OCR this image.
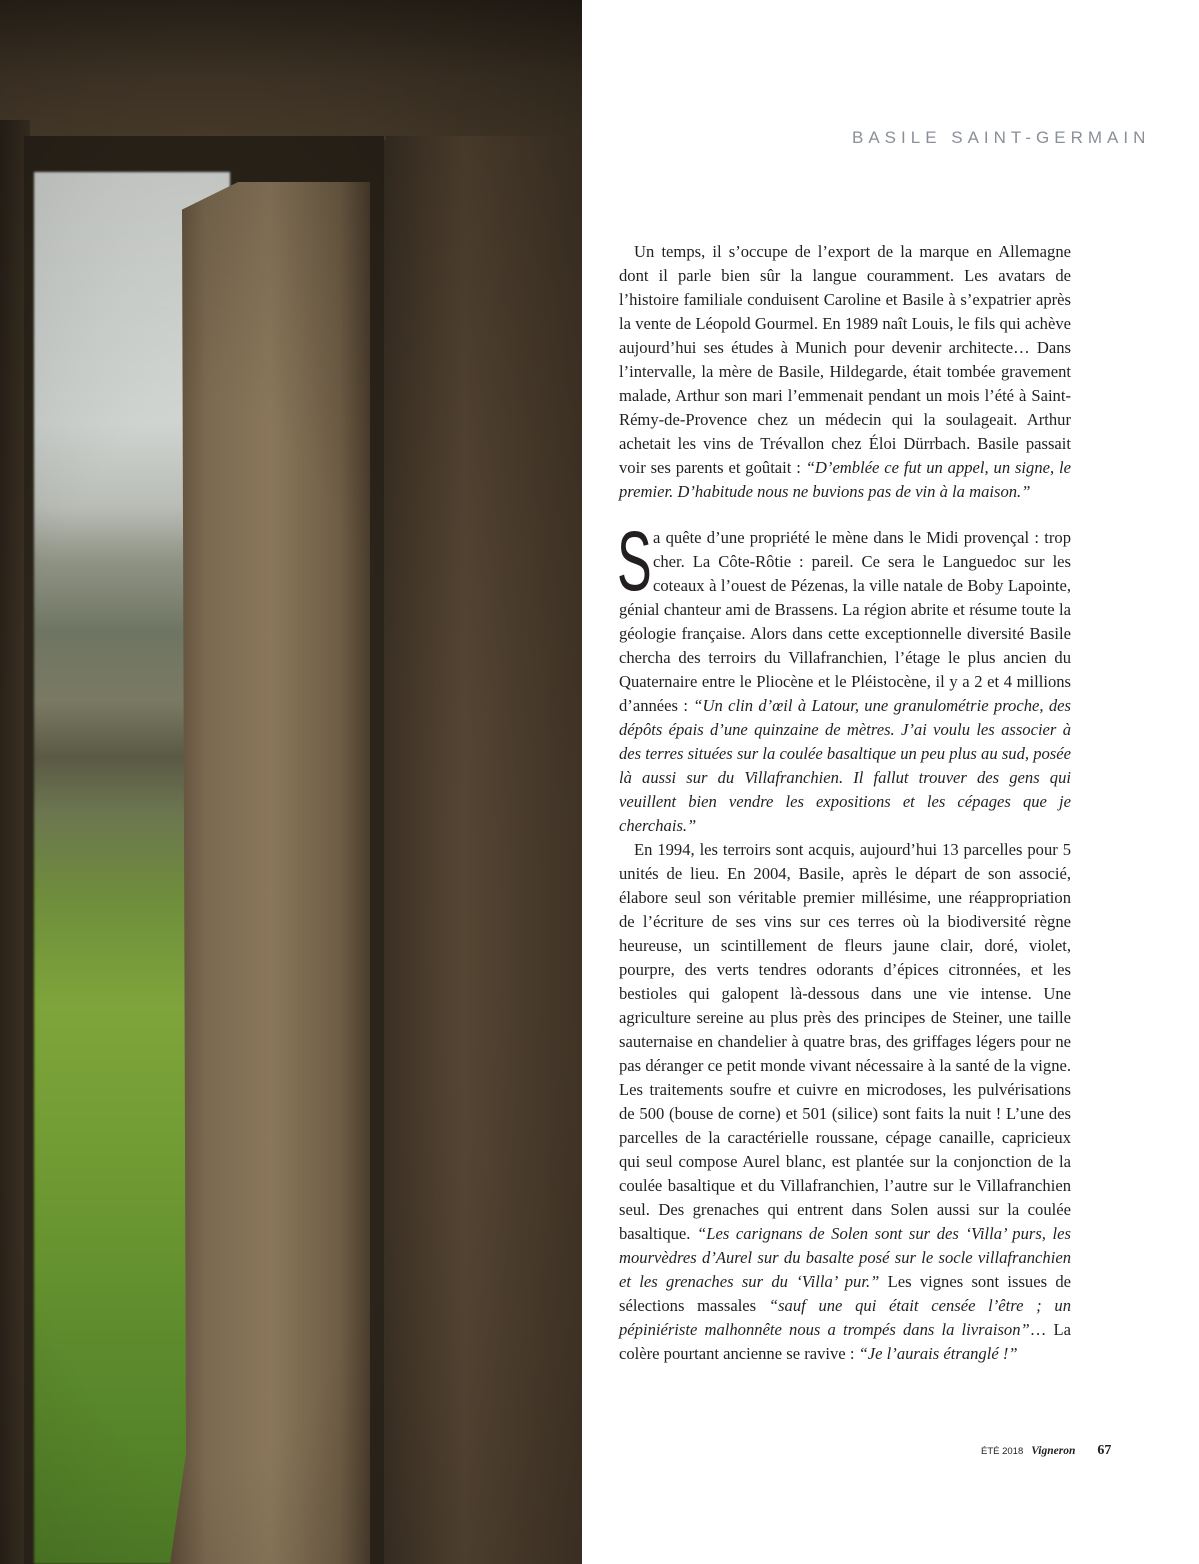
BASILE SAINT-GERMAIN

Un temps, il s’occupe de l’export de la marque en Allemagne dont il parle bien sûr la langue couramment. Les avatars de l’histoire familiale conduisent Caroline et Basile à s’expatrier après la vente de Léopold Gourmel. En 1989 naît Louis, le fils qui achève aujourd’hui ses études à Munich pour devenir architecte… Dans l’intervalle, la mère de Basile, Hildegarde, était tombée gravement malade, Arthur son mari l’emmenait pendant un mois l’été à Saint-Rémy-de-Provence chez un médecin qui la soulageait. Arthur achetait les vins de Trévallon chez Éloi Dürrbach. Basile passait voir ses parents et goûtait : “D’emblée ce fut un appel, un signe, le premier. D’habitude nous ne buvions pas de vin à la maison.”

Sa quête d’une propriété le mène dans le Midi provençal : trop cher. La Côte-Rôtie : pareil. Ce sera le Languedoc sur les coteaux à l’ouest de Pézenas, la ville natale de Boby Lapointe, génial chanteur ami de Brassens. La région abrite et résume toute la géologie française. Alors dans cette exceptionnelle diversité Basile chercha des terroirs du Villafranchien, l’étage le plus ancien du Quaternaire entre le Pliocène et le Pléistocène, il y a 2 et 4 millions d’années : “Un clin d’œil à Latour, une granulométrie proche, des dépôts épais d’une quinzaine de mètres. J’ai voulu les associer à des terres situées sur la coulée basaltique un peu plus au sud, posée là aussi sur du Villafranchien. Il fallut trouver des gens qui veuillent bien vendre les expositions et les cépages que je cherchais.”

En 1994, les terroirs sont acquis, aujourd’hui 13 parcelles pour 5 unités de lieu. En 2004, Basile, après le départ de son associé, élabore seul son véritable premier millésime, une réappropriation de l’écriture de ses vins sur ces terres où la biodiversité règne heureuse, un scintillement de fleurs jaune clair, doré, violet, pourpre, des verts tendres odorants d’épices citronnées, et les bestioles qui galopent là-dessous dans une vie intense. Une agriculture sereine au plus près des principes de Steiner, une taille sauternaise en chandelier à quatre bras, des griffages légers pour ne pas déranger ce petit monde vivant nécessaire à la santé de la vigne. Les traitements soufre et cuivre en microdoses, les pulvérisations de 500 (bouse de corne) et 501 (silice) sont faits la nuit ! L’une des parcelles de la caractérielle roussane, cépage canaille, capricieux qui seul compose Aurel blanc, est plantée sur la conjonction de la coulée basaltique et du Villafranchien, l’autre sur le Villafranchien seul. Des grenaches qui entrent dans Solen aussi sur la coulée basaltique. “Les carignans de Solen sont sur des ‘Villa’ purs, les mourvèdres d’Aurel sur du basalte posé sur le socle villafranchien et les grenaches sur du ‘Villa’ pur.” Les vignes sont issues de sélections massales “sauf une qui était censée l’être ; un pépiniériste malhonnête nous a trompés dans la livraison”… La colère pourtant ancienne se ravive : “Je l’aurais étranglé !”

ÉTÉ 2018 Vigneron 67
